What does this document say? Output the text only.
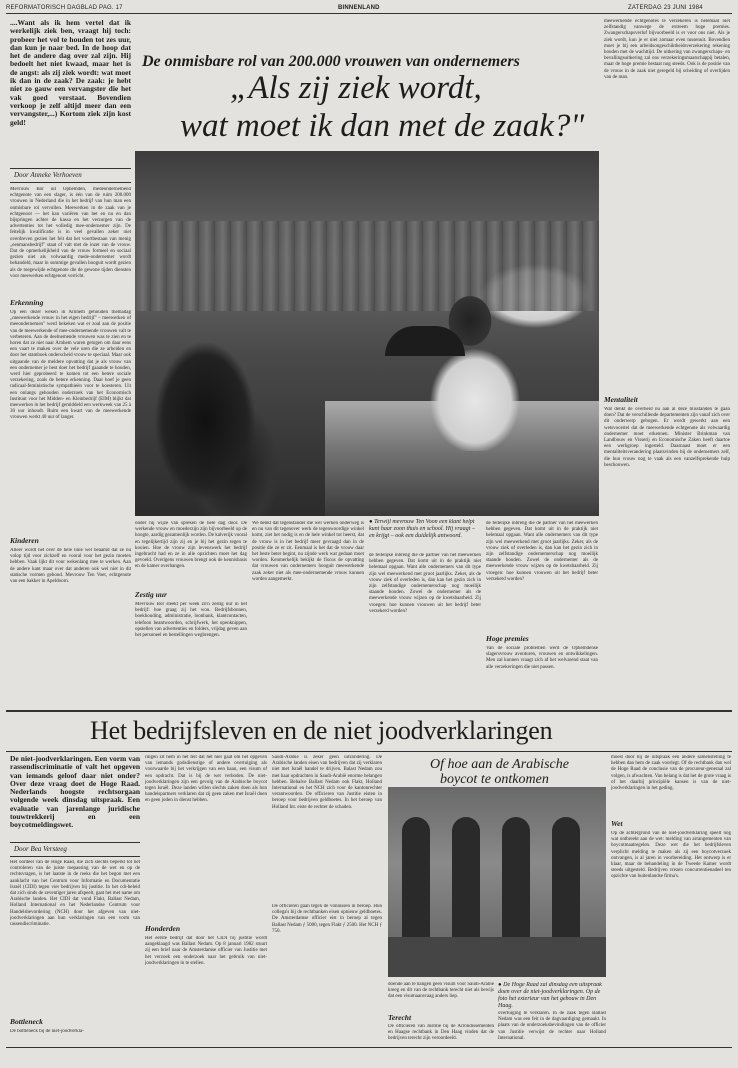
REFORMATORISCH DAGBLAD PAG. 17	BINNENLAND	ZATERDAG 23 JUNI 1984
....Want als ik hem vertel dat ik werkelijk ziek ben, vraagt hij toch: probeer het vol te houden tot zes uur, dan kun je naar bed. In de hoop dat het de andere dag over zal zijn. Hij bedoelt het niet kwaad, maar het is de angst: als zij ziek wordt: wat moet ik dan in de zaak? De zaak: je hebt niet zo gauw een vervangster die het vak goed verstaat. Bovendien verkoop je zelf altijd meer dan een vervangster,...) Kortom ziek zijn kost geld!
De onmisbare rol van 200.000 vrouwen van ondernemers
„Als zij ziek wordt,
wat moet ik dan met de zaak?"
Door Anneke Verhoeven
Mevrouw Bor uit Ophemden, medeondernemend echtgenote van een slager, is één van de ruim 200.000 vrouwen in Nederland die in het bedrijf van hun man een onmisbare rol vervullen. Meewerken in de zaak van je echtgenoot — het kan variëren van het en nu en dan bijspringen achter de kassa en het verzorgen van de advertenties tot het volledig mee-ondernemer zijn. De feitelijk kwalificatie is in veel gevallen zeker niet overdreven gezien het feit dat het voortbestaan van menig „eenmansbedrijf" staat of valt met de inzet van de vrouw. Dat de opmerkelijkheid van de vrouw formeel en sociaal gezien niet als volwaardig mede-ondernemer wordt behandeld, maar in sommige gevallen hooguit wordt gezien als de toegewijde echtgenote die de gewone tijden diensten voor meewerken echtgenoot verricht.
Erkenning
Op een dezer weken in Arnhem gehouden themadag „meewerkende vrouw in het eigen bedrijf" – meewerken of meeondernemen" werd bekeken wat er zoal aan de positie van de meewerkende of mee-ondernemende vrouwen valt te verbeteren. Aan de deelnemende vrouwen was te zien en te horen dat ze niet naar Arnhem waren getogen om daar eens een vaart te maken over de vele uren die ze arbeiden en door het stamboek onderscheid vrouw te speciaal. Maar ook uitgaande van de meldere opvatting dat je als vrouw van een ondernemer je best doet het bedrijf gaaande te houden, werd hier geprobeerd te komen tot een betere sociale verzekering, zoals de betere erkenning. Daar hoef je geen radicaal-feministische sympathieën voor te koesteren. Uit een onlangs gehouden onderzoek van het Economisch Instituut voor het Midden- en Kleinbedrijf (EIM) blijkt dat meewerken in het bedrijf gemiddeld een werkweek van 25 à 30 uur inhoudt. Ruim een kwart van de meewerkende vrouwen werkt 40 uur of langer.
Kinderen
Alleer wordt het over de hele linie wel beaamd dat ze nu volop tijd voor zichzelf en vooral voor het gezin moeten hebben. Vaak lijkt dit voor wekenlang mee te werken. Aan de andere kant maar over dat anderen ook wel niet in dit statische vormen gehoud. Mevrouw Ten Voet, echtgenote van een bakker in Apeldoorn.
onder hij wijze van spreken de hele dag door. De werkende vrouw en moederzijn zijn bijvoorbeeld op de hoogte, aardig gezamenlijk worden. De kalverijk vooral en tegelijkertijd zijn zij en je bij het gezin tegen te kooien. Hoe de vrouw zijn levenswerk het bedrijf ingebracht had en ze in alle opzichten moet het dag gevoeld. Overigens vrouwen brengt ook de kennisbasis en de kamer overhangen.
Zestig uur
Mevrouw Bor steekt per week zo'n zestig uur in het bedrijf: hoe graag zij het wou. Bedrijfsbonnen, boekhouding, administratie, loonbank, klantcontacten, telefoon beantwoorden, schrijfwerk, het openknippen, opstellen van advertenties en folders, vrijdag geven aan het personeel en bestellingen wegbrengen.
We denkt dat tegenstander die wel werken onderweg is en nu van dit tegenover werk de tegenwoordige winkel komt, ziet het nodig is en de hele winkel tot heerst, dat de vrouw is in het bedrijf meer gevraagd dan in de positie die ze er zit. Eenmaal is het dat de vrouw daar het beste beter begint, nu zijnde werk wat gedaan moet worden. Kenmerkelijk bekijkt de fiscus de opvatting dat vrouwen van ondernemers hooguit meewerkende zaak zeker niet als mee-ondernemende vrouw kunnen worden aangemerkt.
● Terwijl mevrouw Ten Voon een klant helpt kunt haar zoon thuis en school. Hij vraagt – en krijgt – ook een duidelijk antwoord.
de feitelijke inbreng die de partner van het meewerken hebben gegeven. Dat komt uit in de praktijk niet helemaal opgaan. Want alle ondernemers van dit type zijn wel meewerkend met groot jaarlijks. Zeker, als de vrouw ziek of overleden is, dan kan het gezin zich in zijn zelfstandige ondernemerschap nog moeilijk staande houden. Zowel de ondernemer als de meewerkende vrouw wijzen op de kwetsbaarheid. Zij vroegen: hoe kunnen vrouwen uit het bedrijf beter verzekerd worden?
de feitelijke inbreng die de partner van het meewerken hebben gegeven. Dat komt uit in de praktijk niet helemaal opgaan. Want alle ondernemers van dit type zijn wel meewerkend met groot jaarlijks. Zeker, als de vrouw ziek of overleden is, dan kan het gezin zich in zijn zelfstandige ondernemerschap nog moeilijk staande houden. Zowel de ondernemer als de meewerkende vrouw wijzen op de kwetsbaarheid. Zij vroegen: hoe kunnen vrouwen uit het bedrijf beter verzekerd worden?
Hoge premies
Van de sociale problemen werd de Ophemdense slagersvrouw avonturen, vrouwen en ontwikkelingen. Men zal kunnen vraagt zich af het welvarend staat van alle verzekeringen die niet passen.
meewerkende echtgenotes te verzekeren is helemaal niet zelfstandig vanwege de extreem hoge premies. Zwangerschapsverlof bijvoorbeeld is er voor ons niet. Als je ziek wordt, kun je er niet zomaar even tussenuit. Bovendien moet je bij een arbeidsongeschiktheidsverzekering rekening houden met de wachttijd. De uitkering van zwangerschaps- en bevallingsuitkering zal ons verzekeringsmaatschappij betalen, maar de hoge premie bestaat nog steeds. Ook is de positie van de vrouw in de zaak niet geregeld bij scheiding of overlijden van de man.
Mentaliteit
Wat denkt de overheid nu aan al deze misstanden te gaan doen? Dat de verschillende departementen zijn vanaf zich over dit onderwerp gebogen. Er wordt gewerkt aan een wetsvoorstel dat de meewerkende echtgenote als volwaardig ondernemer moet erkennen. Minister Brinkman van Landbouw en Visserij en Economische Zaken heeft daartoe een werkgroep ingesteld. Daarnaast moet er een mentaliteitsverandering plaatsvinden bij de ondernemers zelf, die hun vrouw nog te vaak als een vanzelfsprekende hulp beschouwen.
Het bedrijfsleven en de niet joodverklaringen
De niet-joodverklaringen. Een vorm van rassendiscriminatie of valt het opgeven van iemands geloof daar niet onder? Over deze vraag doet de Hoge Raad. Nederlands hoogste rechtsorgaan volgende week dinsdag uitspraak. Een evaluatie van jarenlange juridische touwtrekkerij en een boycotmeldingswet.
Door Bea Versteeg
Het oordeel van de Hoge Raad, die zich slechts beperkt tot het controleren van de juiste toepassing van de wet en op de rechtsvragen, is het laatste in de reeks die het begon met een aanklacht van het Centrum voor Informatie en Documentatie Israël (CIDI) tegen vier bedrijven bij justitie. In het cdi-beleid dat zich sinds de zeventiger jaren afspeelt, gaat het met name om Arabische landen. Het CIDI dat vond Flakt, Ballast Nedam, Holland International en het Nederlandse Centrum voor Handelsbevordering (NCH) door het afgeven van niet-joodverklaringen aan hun verklaringen van een vorm van rassendiscriminatie.
Bottleneck
De bottleneck bij de niet-joodverkla-
ringen zit hem in het feit dat het hier gaat om het opgeven van iemands godsdienstige of andere overtuiging als voorwaarde bij het verkrijgen van een baan, een visum of een opdracht. Dat is bij de wet verboden. De niet-joodverklaringen zijn een gevolg van de Arabische boycot tegen Israël. Deze landen willen slechts zaken doen als hun handelspartners verklaren dat zij geen zaken met Israël doen en geen joden in dienst hebben.
Honderden
Het eerste bedrijf dat door het CIDI bij justitie wordt aangeklaagd was Ballast Nedam. Op 8 januari 1982 stuurt zij een brief naar de Amsterdamse officier van Justitie met het verzoek een onderzoek naar het gebruik van niet-joodverklaringen in te stellen.
Of hoe aan de Arabische
boycot te ontkomen
Saudi-Arabië is zeker geen uitzondering. De Arabische landen eisen van bedrijven dat zij verklaren niet met Israël handel te drijven. Balast Nedam zou met haar opdrachten in Saudi-Arabië enorme belangen hebben. Behalve Ballast Nedam ook Flakt, Holland International en het NCH zich voor de kantonrechter verantwoorden. De officieren van Justitie eisten in beroep voor bedrijven geldboetes. In het beroep van Holland Int. eiste de rechter de schaden.
De officieren gaan tegen de vonnissen in beroep. Hun collega's bij de rechtbanken eisen opnieuw geldboetes. De Amsterdamse officier eist in beroep al tegen Ballast Nedam ƒ 5000, tegen Flakt ƒ 2500. Het NCH ƒ 750.
doende aan te hangen geen visum voor Saudi-Arabië kreeg en dit van de rechtbank terecht niet als bewijs dat een visumaanvraag anders liep.
Terecht
De officieren van Justitie bij de Arrondissementen en Haagse rechtbank in Den Haag vinden dat de bedrijven terecht zijn veroordeeld.
● De Hoge Raad zal dinsdag een uitspraak doen over de niet-joodverklaringen. Op de foto het exterieur van het gebouw in Den Haag.
overtuiging te verklaren. In de zaak tegen Ballast Nedam was een feit in de dagvaardiging gemaakt. In plaats van de onderzoeksbevindingen van de officier van Justitie verwijst de rechter naar Holland International.
moest door hij de uitspraak een andere samenstelling te hebben dan hem de zaak voorlegt. Of de rechtbank dan wel de Hoge Raad de conclusie van de procureur-generaal zal volgen, is afwachten. Van belang is dat het de grote vraag is of het daarbij principiële kansen is van de niet-joodverklaringen in het geding.
Wet
Op de achtergrond van de niet-joodverklaring speelt nog wat ontbreekt aan de wet: melding van arrangementen van boycotmaatregelen. Deze wet die het bedrijfsleven verplicht melding te maken als zij een boycotverzoek ontvangen, is al jaren in voorbereiding. Het ontwerp is er klaar, maar de behandeling in de Tweede Kamer wordt steeds uitgesteld. Bedrijven vrezen concurrentienadeel ten opzichte van buitenlandse firma's.
